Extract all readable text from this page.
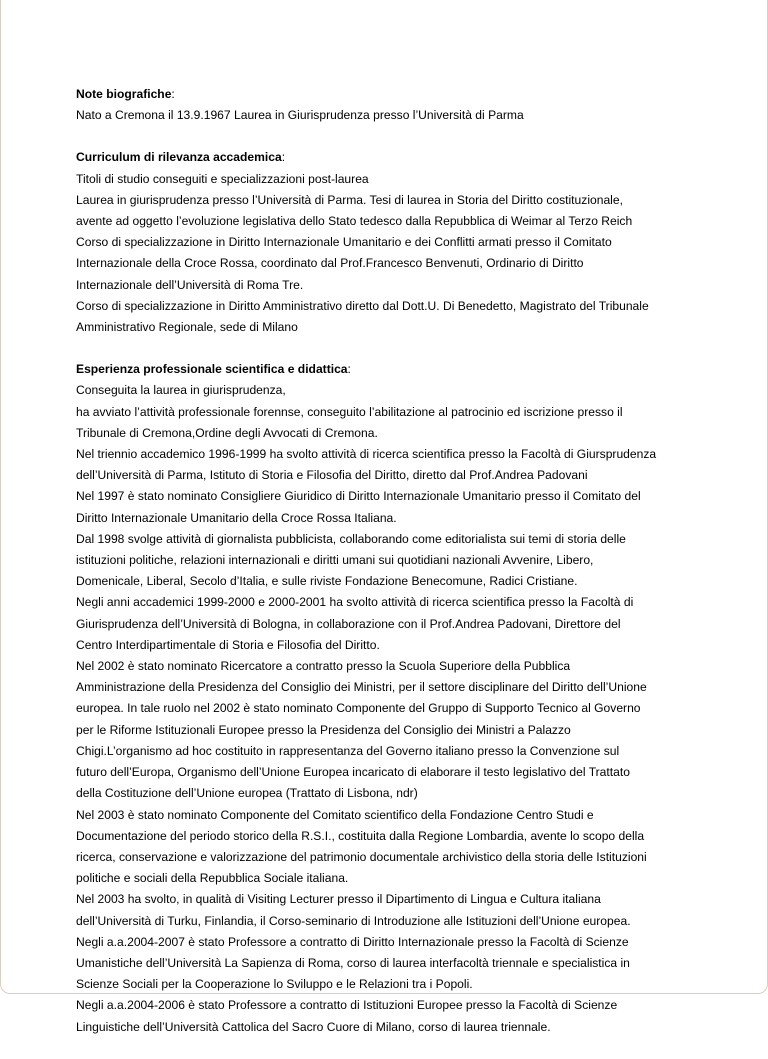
Note biografiche:
Nato a Cremona il 13.9.1967 Laurea in Giurisprudenza presso l’Università di Parma
Curriculum di rilevanza accademica:
Titoli di studio conseguiti e specializzazioni post-laurea
Laurea in giurisprudenza presso l’Università di Parma. Tesi di laurea in Storia del Diritto costituzionale,
avente ad oggetto l’evoluzione legislativa dello Stato tedesco dalla Repubblica di Weimar al Terzo Reich
Corso di specializzazione in Diritto Internazionale Umanitario e dei Conflitti armati presso il Comitato
Internazionale della Croce Rossa, coordinato dal Prof.Francesco Benvenuti, Ordinario di Diritto
Internazionale dell’Università di Roma Tre.
Corso di specializzazione in Diritto Amministrativo diretto dal Dott.U. Di Benedetto, Magistrato del Tribunale
Amministrativo Regionale, sede di Milano
Esperienza professionale scientifica e didattica:
Conseguita la laurea in giurisprudenza,
ha avviato l’attività professionale forennse, conseguito l’abilitazione al patrocinio ed iscrizione presso il
Tribunale di Cremona,Ordine degli Avvocati di Cremona.
Nel triennio accademico 1996-1999 ha svolto attività di ricerca scientifica presso la Facoltà di Giursprudenza
dell’Università di Parma, Istituto di Storia e Filosofia del Diritto, diretto dal Prof.Andrea Padovani
Nel 1997 è stato nominato Consigliere Giuridico di Diritto Internazionale Umanitario presso il Comitato del
Diritto Internazionale Umanitario della Croce Rossa Italiana.
Dal 1998 svolge attività di giornalista pubblicista, collaborando come editorialista sui temi di storia delle
istituzioni politiche, relazioni internazionali e diritti umani sui quotidiani nazionali Avvenire, Libero,
Domenicale, Liberal, Secolo d’Italia, e sulle riviste Fondazione Benecomune, Radici Cristiane.
Negli anni accademici 1999-2000 e 2000-2001 ha svolto attività di ricerca scientifica presso la Facoltà di
Giurisprudenza dell’Università di Bologna, in collaborazione con il Prof.Andrea Padovani, Direttore del
Centro Interdipartimentale di Storia e Filosofia del Diritto.
Nel 2002 è stato nominato Ricercatore a contratto presso la Scuola Superiore della Pubblica
Amministrazione della Presidenza del Consiglio dei Ministri, per il settore disciplinare del Diritto dell’Unione
europea. In tale ruolo nel 2002 è stato nominato Componente del Gruppo di Supporto Tecnico al Governo
per le Riforme Istituzionali Europee presso la Presidenza del Consiglio dei Ministri a Palazzo
Chigi.L’organismo ad hoc costituito in rappresentanza del Governo italiano presso la Convenzione sul
futuro dell’Europa, Organismo dell’Unione Europea incaricato di elaborare il testo legislativo del Trattato
della Costituzione dell’Unione europea (Trattato di Lisbona, ndr)
Nel 2003 è stato nominato Componente del Comitato scientifico della Fondazione Centro Studi e
Documentazione del periodo storico della R.S.I., costituita dalla Regione Lombardia, avente lo scopo della
ricerca, conservazione e valorizzazione del patrimonio documentale archivistico della storia delle Istituzioni
politiche e sociali della Repubblica Sociale italiana.
Nel 2003 ha svolto, in qualità di Visiting Lecturer presso il Dipartimento di Lingua e Cultura italiana
dell’Università di Turku, Finlandia, il Corso-seminario di Introduzione alle Istituzioni dell’Unione europea.
Negli a.a.2004-2007 è stato Professore a contratto di Diritto Internazionale presso la Facoltà di Scienze
Umanistiche dell’Università La Sapienza di Roma, corso di laurea interfacoltà triennale e specialistica in
Scienze Sociali per la Cooperazione lo Sviluppo e le Relazioni tra i Popoli.
Negli a.a.2004-2006 è stato Professore a contratto di Istituzioni Europee presso la Facoltà di Scienze
Linguistiche dell’Università Cattolica del Sacro Cuore di Milano, corso di laurea triennale.
